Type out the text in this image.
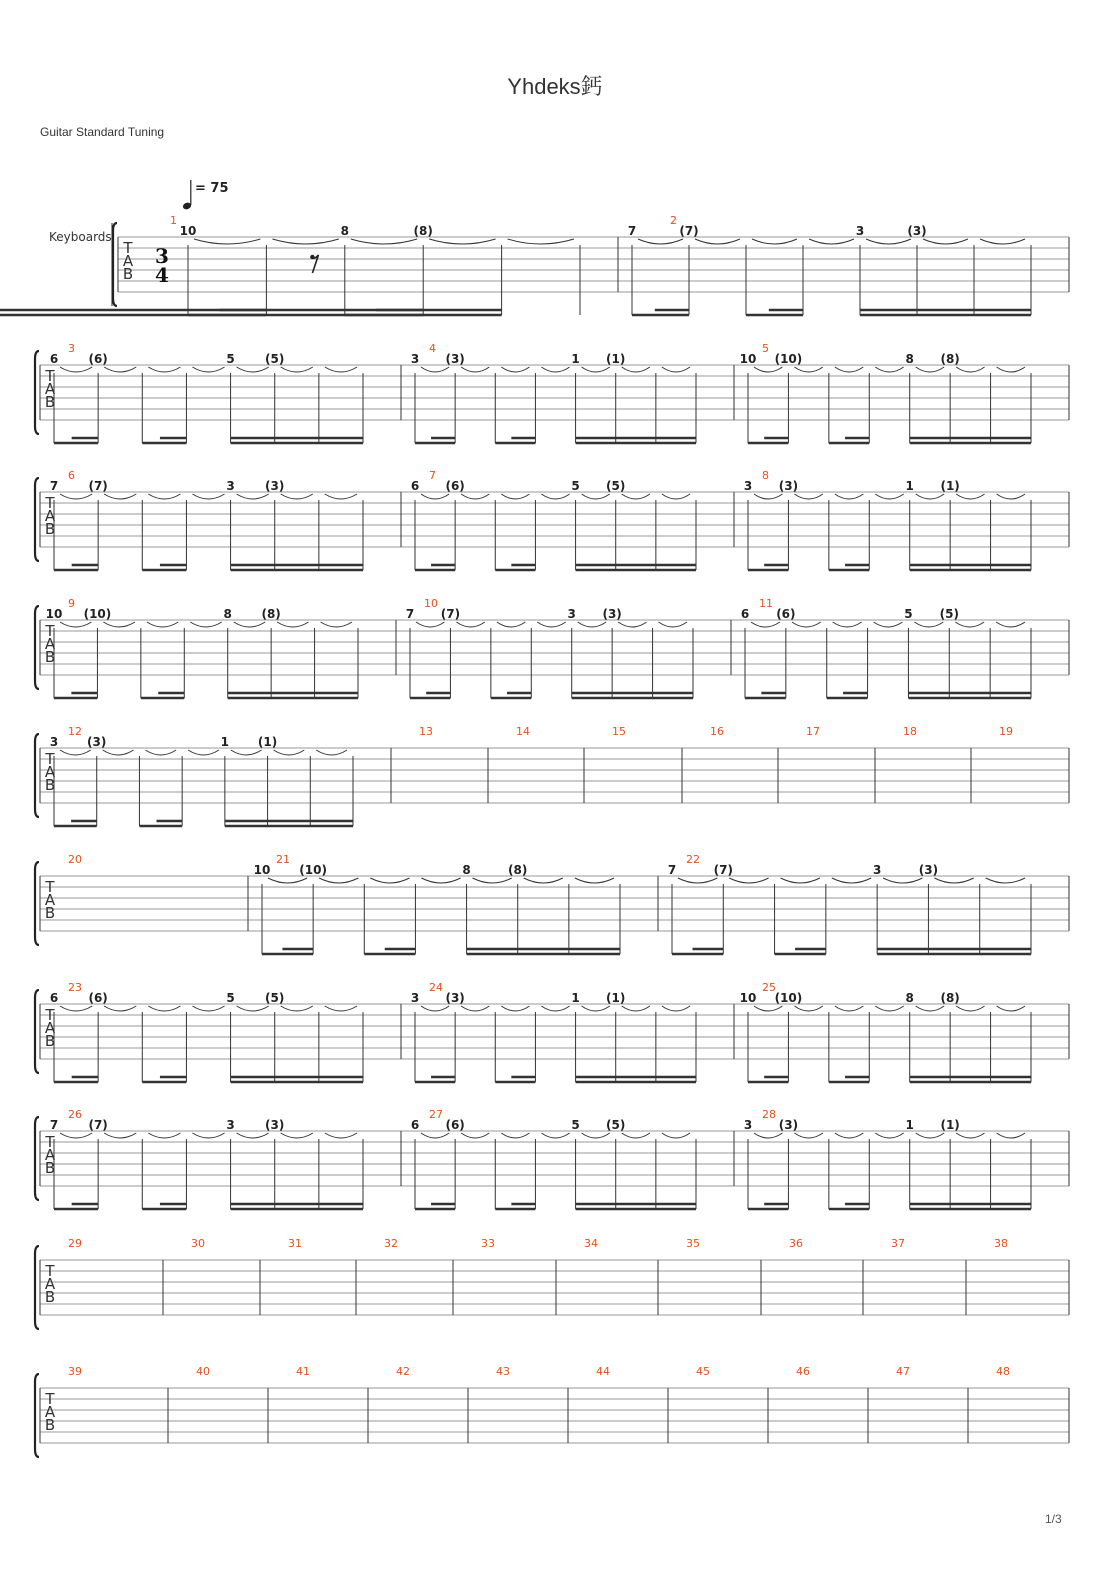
Yhdeks鈣
Guitar Standard Tuning
= 75
Keyboards
T
A
B
3
4
1
10	8	(8)
2
7	(7)	3	(3)
T
A
B
3
6	(6)	5	(5)
4
3 (3)	1 (1)
5
10 (10)	8 (8)
T
A
B
6
7	(7)	3	(3)
7
6 (6)	5 (5)
8
3 (3)	1 (1)
T
A
B
9
10 (10)	8 (8)
10
7 (7)	3 (3)
11
6 (6)	5 (5)
T
A
B
12
3 (3)	1 (1)
13	14	15	16	17	18	19
T
A
B
20	21
10 (10)	8	(8)
22
7	(7)	3	(3)
T
A
B
23
6	(6)	5	(5)
24
3 (3)	1 (1)
25
10 (10)	8 (8)
T
A
B
26
7	(7)	3	(3)
27
6 (6)	5 (5)
28
3 (3)	1 (1)
T
A
B
29	30	31	32	33	34	35	36	37	38
T
A
B
39	40	41	42	43	44	45	46	47	48
1/3
